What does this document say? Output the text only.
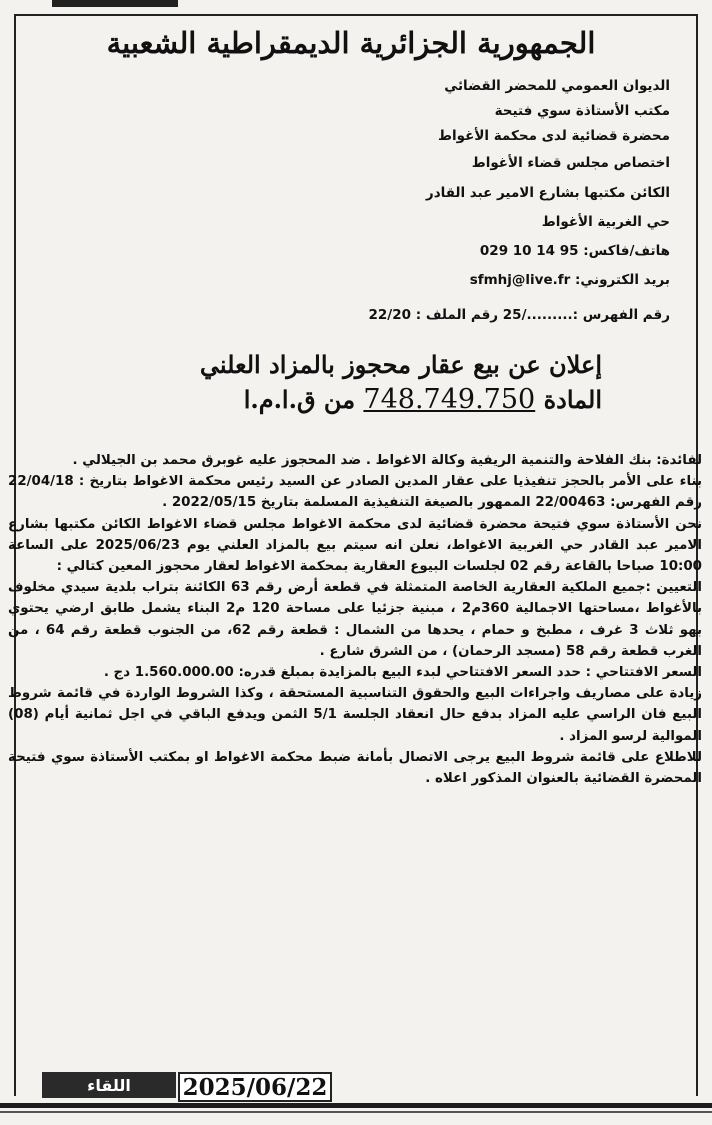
الجمهورية الجزائرية الديمقراطية الشعبية
الديوان العمومي للمحضر القضائي
مكتب الأستاذة سوي فتيحة
محضرة قضائية لدى محكمة الأغواط
اختصاص مجلس قضاء الأغواط
الكائن مكتبها بشارع الامير عبد القادر
حي الغربية الأغواط
هاتف/فاكس: 029 10 14 95
بريد الكتروني: sfmhj@live.fr
رقم الفهرس :........./25 رقم الملف : 22/20
إعلان عن بيع عقار محجوز بالمزاد العلني
المادة 748.749.750 من ق.ا.م.ا

لفائدة: بنك الفلاحة والتنمية الريفية وكالة الاغواط . ضد المحجوز عليه غوبرق محمد بن الجيلالي .

بناء على الأمر بالحجز تنفيذيا على عقار المدين الصادر عن السيد رئيس محكمة الاغواط بتاريخ : 22/04/18 رقم الفهرس: 22/00463 الممهور بالصيغة التنفيذية المسلمة بتاريخ 2022/05/15 .

نحن الأستاذة سوي فتيحة محضرة قضائية لدى محكمة الاغواط مجلس قضاء الاغواط الكائن مكتبها بشارع الامير عبد القادر حي الغربية الاغواط، نعلن انه سيتم بيع بالمزاد العلني يوم 2025/06/23 على الساعة 10:00 صباحا بالقاعة رقم 02 لجلسات البيوع العقارية بمحكمة الاغواط لعقار محجوز المعين كتالي :

التعيين :جميع الملكية العقارية الخاصة المتمثلة في قطعة أرض رقم 63 الكائنة بتراب بلدية سيدي مخلوف بالأغواط ،مساحتها الاجمالية 360م2 ، مبنية جزئيا على مساحة 120 م2 البناء يشمل طابق ارضي يحتوي بهو ثلاث 3 غرف ، مطبخ و حمام ، يحدها من الشمال : قطعة رقم 62، من الجنوب قطعة رقم 64 ، من الغرب قطعة رقم 58 (مسجد الرحمان) ، من الشرق شارع .

السعر الافتتاحي : حدد السعر الافتتاحي لبدء البيع بالمزايدة بمبلغ قدره: 1.560.000.00 دج .

زيادة على مصاريف واجراءات البيع والحقوق التناسبية المستحقة ، وكذا الشروط الواردة في قائمة شروط البيع فان الراسي عليه المزاد بدفع حال انعقاد الجلسة 5/1 الثمن ويدفع الباقي في اجل ثمانية أيام (08) الموالية لرسو المزاد .

للاطلاع على قائمة شروط البيع يرجى الاتصال بأمانة ضبط محكمة الاغواط او بمكتب الأستاذة سوي فتيحة المحضرة القضائية بالعنوان المذكور اعلاه .

2025/06/22
اللقاء
